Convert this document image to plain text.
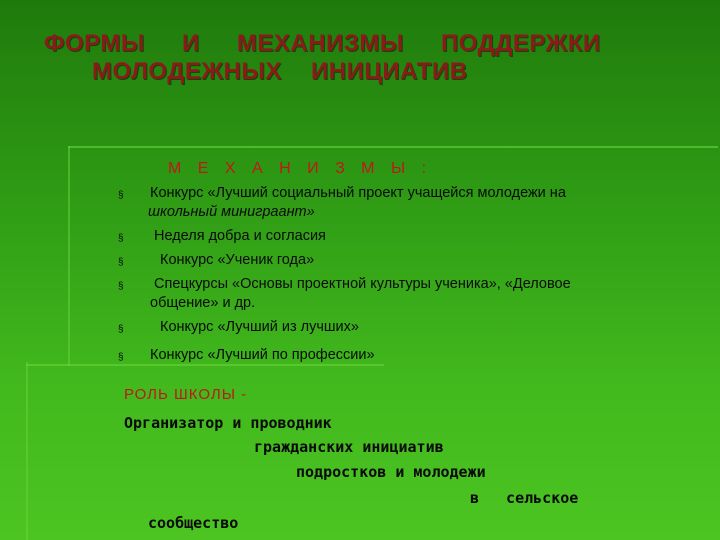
ФОРМЫ И МЕХАНИЗМЫ ПОДДЕРЖКИ
МОЛОДЕЖНЫХ ИНИЦИАТИВ
М Е Х А Н И З М Ы :
§	Конкурс «Лучший социальный проект учащейся молодежи на
школьный миниграант»
§	Неделя добра и согласия
§	Конкурс «Ученик года»
§	Спецкурсы «Основы проектной культуры ученика», «Деловое
общение» и др.
§	Конкурс «Лучший из лучших»
§	Конкурс «Лучший по профессии»
РОЛЬ ШКОЛЫ -
Организатор и проводник
гражданских инициатив
подростков и молодежи
в сельское
сообщество
